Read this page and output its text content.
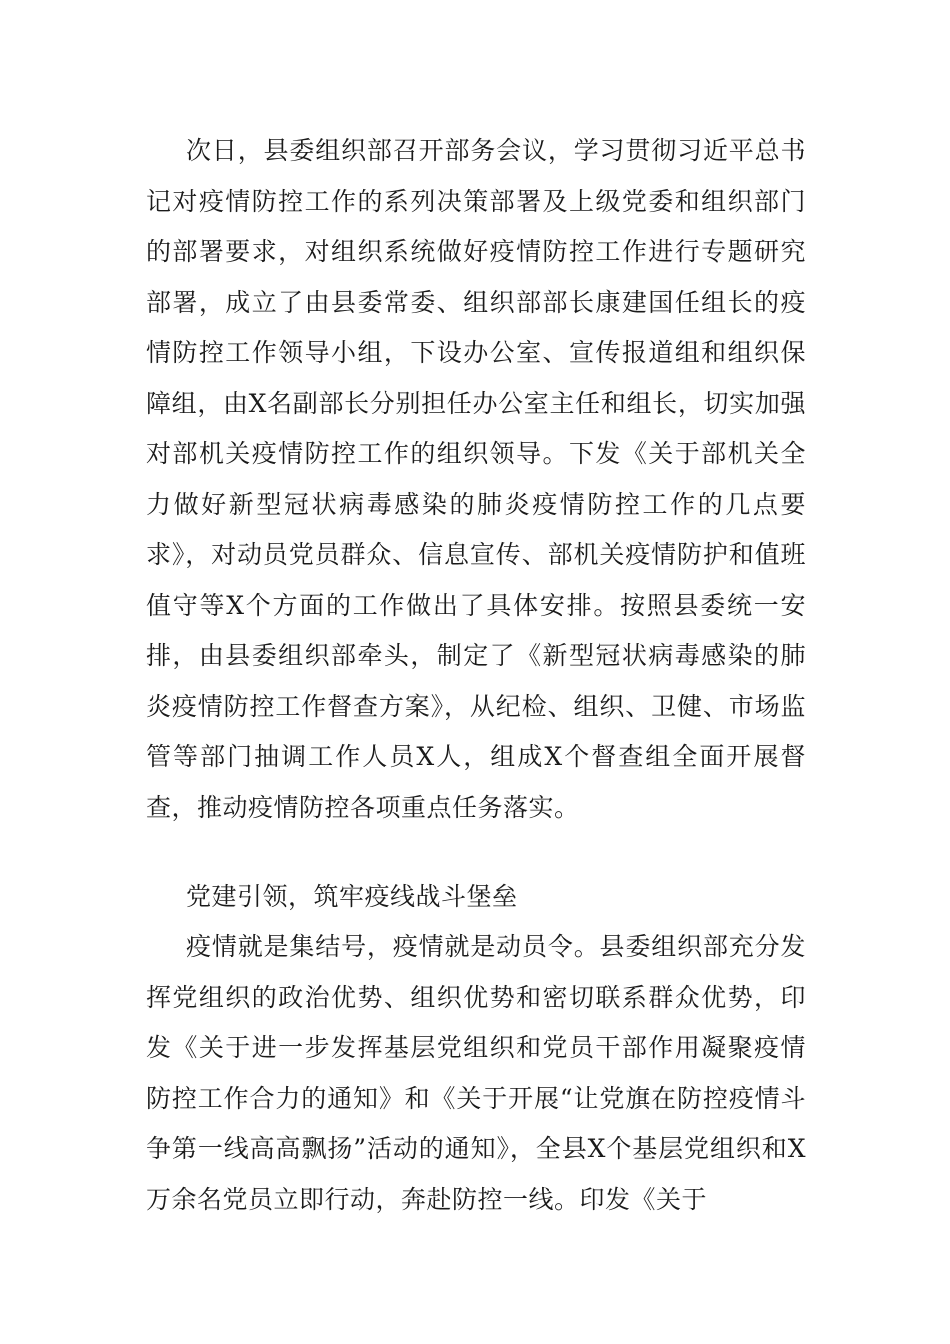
次日，县委组织部召开部务会议，学习贯彻习近平总书记对疫情防控工作的系列决策部署及上级党委和组织部门的部署要求，对组织系统做好疫情防控工作进行专题研究部署，成立了由县委常委、组织部部长康建国任组长的疫情防控工作领导小组，下设办公室、宣传报道组和组织保障组，由X名副部长分别担任办公室主任和组长，切实加强对部机关疫情防控工作的组织领导。下发《关于部机关全力做好新型冠状病毒感染的肺炎疫情防控工作的几点要求》，对动员党员群众、信息宣传、部机关疫情防护和值班值守等X个方面的工作做出了具体安排。按照县委统一安排，由县委组织部牵头，制定了《新型冠状病毒感染的肺炎疫情防控工作督查方案》，从纪检、组织、卫健、市场监管等部门抽调工作人员X人，组成X个督查组全面开展督查，推动疫情防控各项重点任务落实。

党建引领，筑牢疫线战斗堡垒

疫情就是集结号，疫情就是动员令。县委组织部充分发挥党组织的政治优势、组织优势和密切联系群众优势，印发《关于进一步发挥基层党组织和党员干部作用凝聚疫情防控工作合力的通知》和《关于开展“让党旗在防控疫情斗争第一线高高飘扬”活动的通知》，全县X个基层党组织和X万余名党员立即行动，奔赴防控一线。印发《关于
